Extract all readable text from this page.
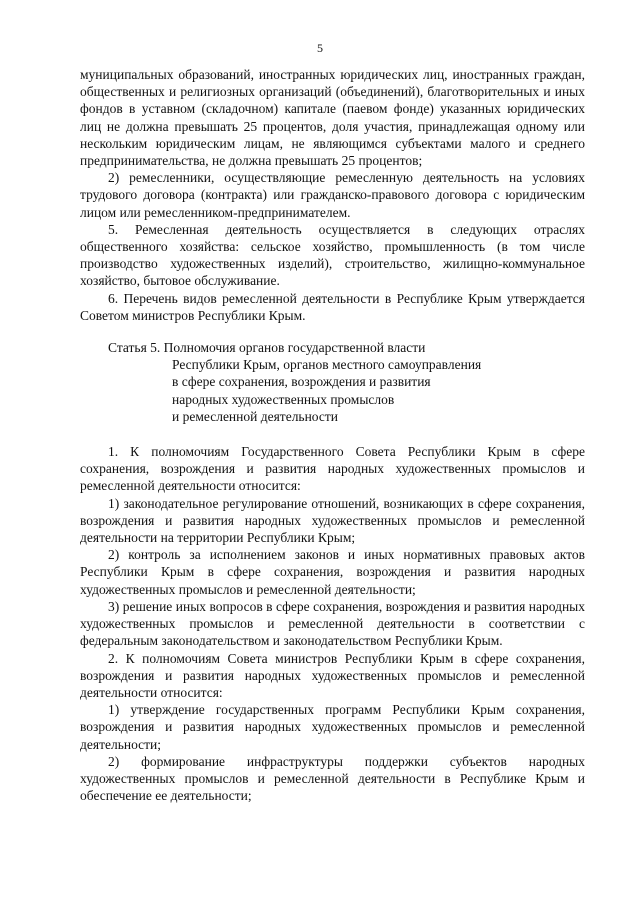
5

муниципальных образований, иностранных юридических лиц, иностранных граждан, общественных и религиозных организаций (объединений), благотворительных и иных фондов в уставном (складочном) капитале (паевом фонде) указанных юридических лиц не должна превышать 25 процентов, доля участия, принадлежащая одному или нескольким юридическим лицам, не являющимся субъектами малого и среднего предпринимательства, не должна превышать 25 процентов;

2) ремесленники, осуществляющие ремесленную деятельность на условиях трудового договора (контракта) или гражданско-правового договора с юридическим лицом или ремесленником-предпринимателем.

5. Ремесленная деятельность осуществляется в следующих отраслях общественного хозяйства: сельское хозяйство, промышленность (в том числе производство художественных изделий), строительство, жилищно-коммунальное хозяйство, бытовое обслуживание.

6. Перечень видов ремесленной деятельности в Республике Крым утверждается Советом министров Республики Крым.

Статья 5. Полномочия органов государственной власти
Республики Крым, органов местного самоуправления
в сфере сохранения, возрождения и развития
народных художественных промыслов
и ремесленной деятельности

1. К полномочиям Государственного Совета Республики Крым в сфере сохранения, возрождения и развития народных художественных промыслов и ремесленной деятельности относится:

1) законодательное регулирование отношений, возникающих в сфере сохранения, возрождения и развития народных художественных промыслов и ремесленной деятельности на территории Республики Крым;

2) контроль за исполнением законов и иных нормативных правовых актов Республики Крым в сфере сохранения, возрождения и развития народных художественных промыслов и ремесленной деятельности;

3) решение иных вопросов в сфере сохранения, возрождения и развития народных художественных промыслов и ремесленной деятельности в соответствии с федеральным законодательством и законодательством Республики Крым.

2. К полномочиям Совета министров Республики Крым в сфере сохранения, возрождения и развития народных художественных промыслов и ремесленной деятельности относится:

1) утверждение государственных программ Республики Крым сохранения, возрождения и развития народных художественных промыслов и ремесленной деятельности;

2) формирование инфраструктуры поддержки субъектов народных художественных промыслов и ремесленной деятельности в Республике Крым и обеспечение ее деятельности;
